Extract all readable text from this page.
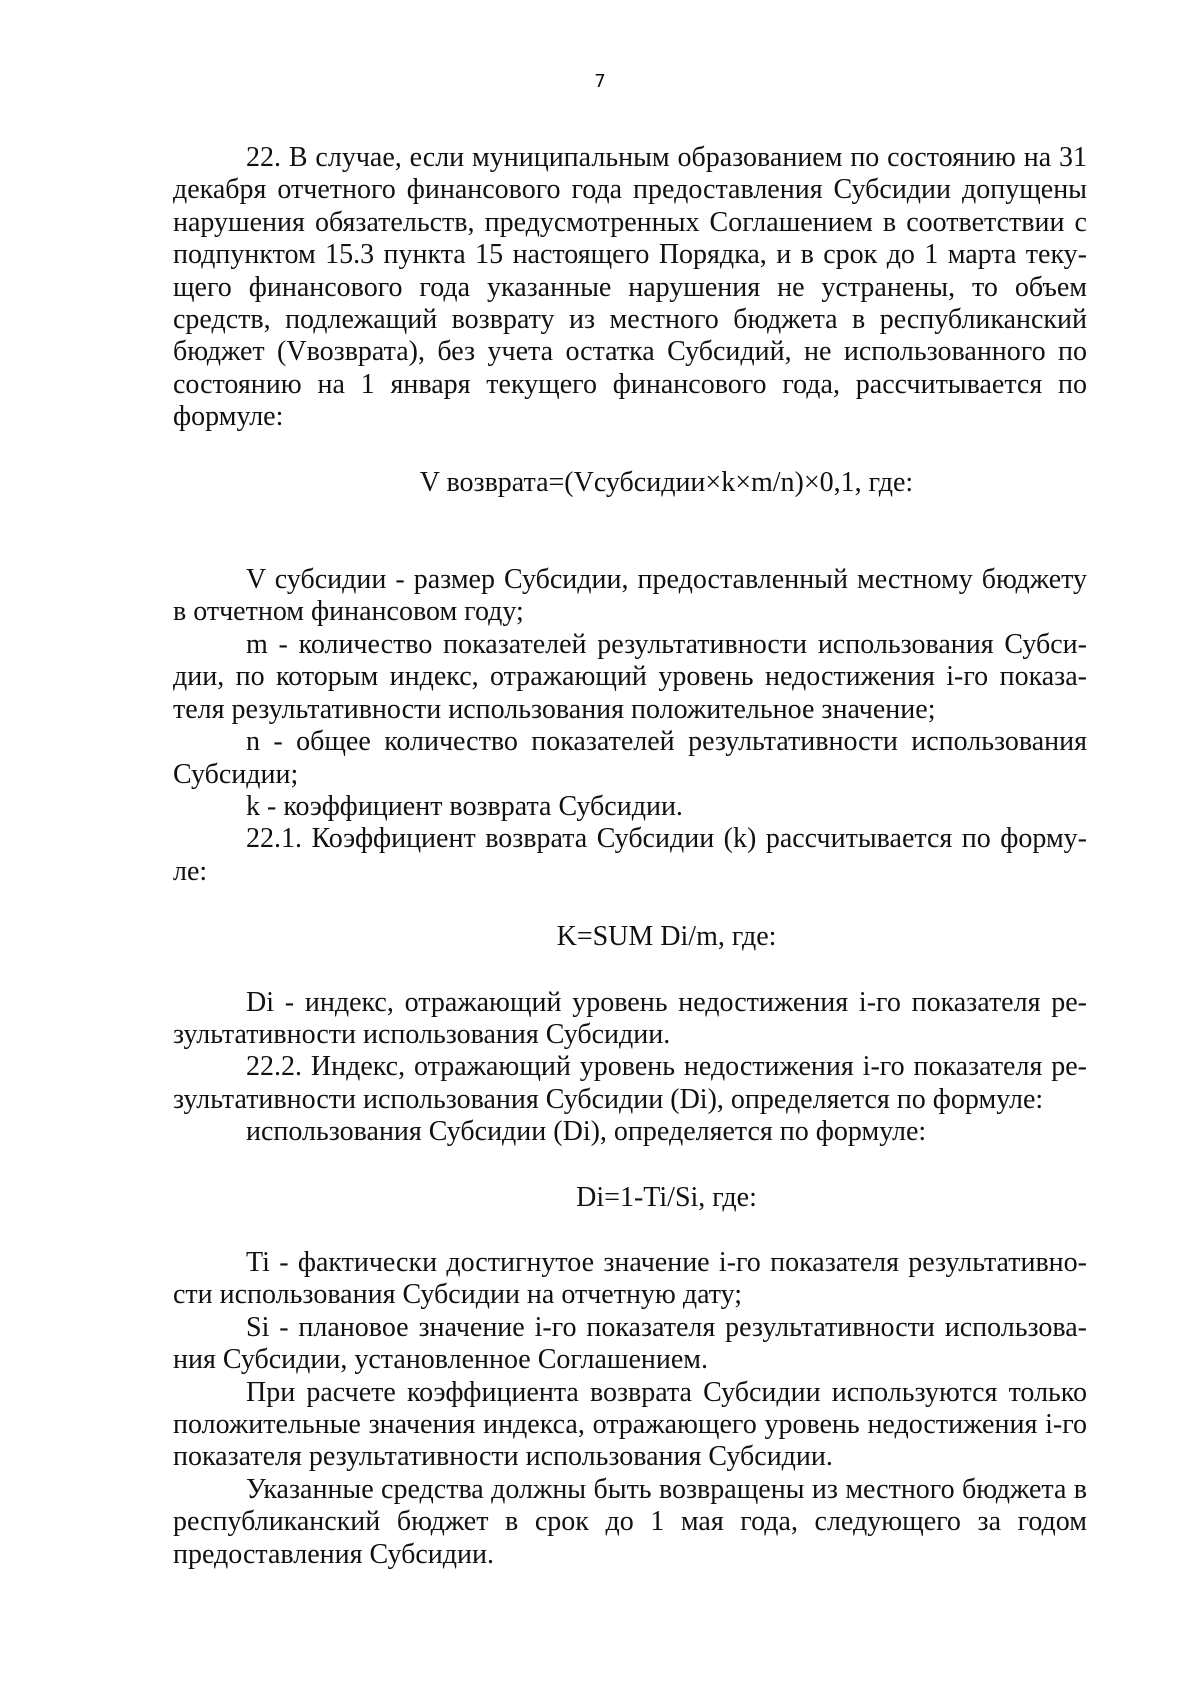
7

22. В случае, если муниципальным образованием по состоянию на 31 декабря отчетного финансового года предоставления Субсидии допущены нарушения обязательств, предусмотренных Соглашением в соответствии с подпунктом 15.3 пункта 15 настоящего Порядка, и в срок до 1 марта текущего финансового года указанные нарушения не устранены, то объем средств, подлежащий возврату из местного бюджета в республиканский бюджет (Vвозврата), без учета остатка Субсидий, не использованного по состоянию на 1 января текущего финансового года, рассчитывается по формуле:

V возврата=(Vсубсидии×k×m/n)×0,1, где:

V субсидии - размер Субсидии, предоставленный местному бюджету в отчетном финансовом году;

m - количество показателей результативности использования Субсидии, по которым индекс, отражающий уровень недостижения i-го показателя результативности использования положительное значение;

n - общее количество показателей результативности использования Субсидии;

k - коэффициент возврата Субсидии.

22.1. Коэффициент возврата Субсидии (k) рассчитывается по формуле:

K=SUM Di/m, где:

Di - индекс, отражающий уровень недостижения i-го показателя результативности использования Субсидии.

22.2. Индекс, отражающий уровень недостижения i-го показателя результативности использования Субсидии (Di), определяется по формуле:

использования Субсидии (Di), определяется по формуле:

Di=1-Ti/Si, где:

Ti - фактически достигнутое значение i-го показателя результативности использования Субсидии на отчетную дату;

Si - плановое значение i-го показателя результативности использования Субсидии, установленное Соглашением.

При расчете коэффициента возврата Субсидии используются только положительные значения индекса, отражающего уровень недостижения i-го показателя результативности использования Субсидии.

Указанные средства должны быть возвращены из местного бюджета в республиканский бюджет в срок до 1 мая года, следующего за годом предоставления Субсидии.
